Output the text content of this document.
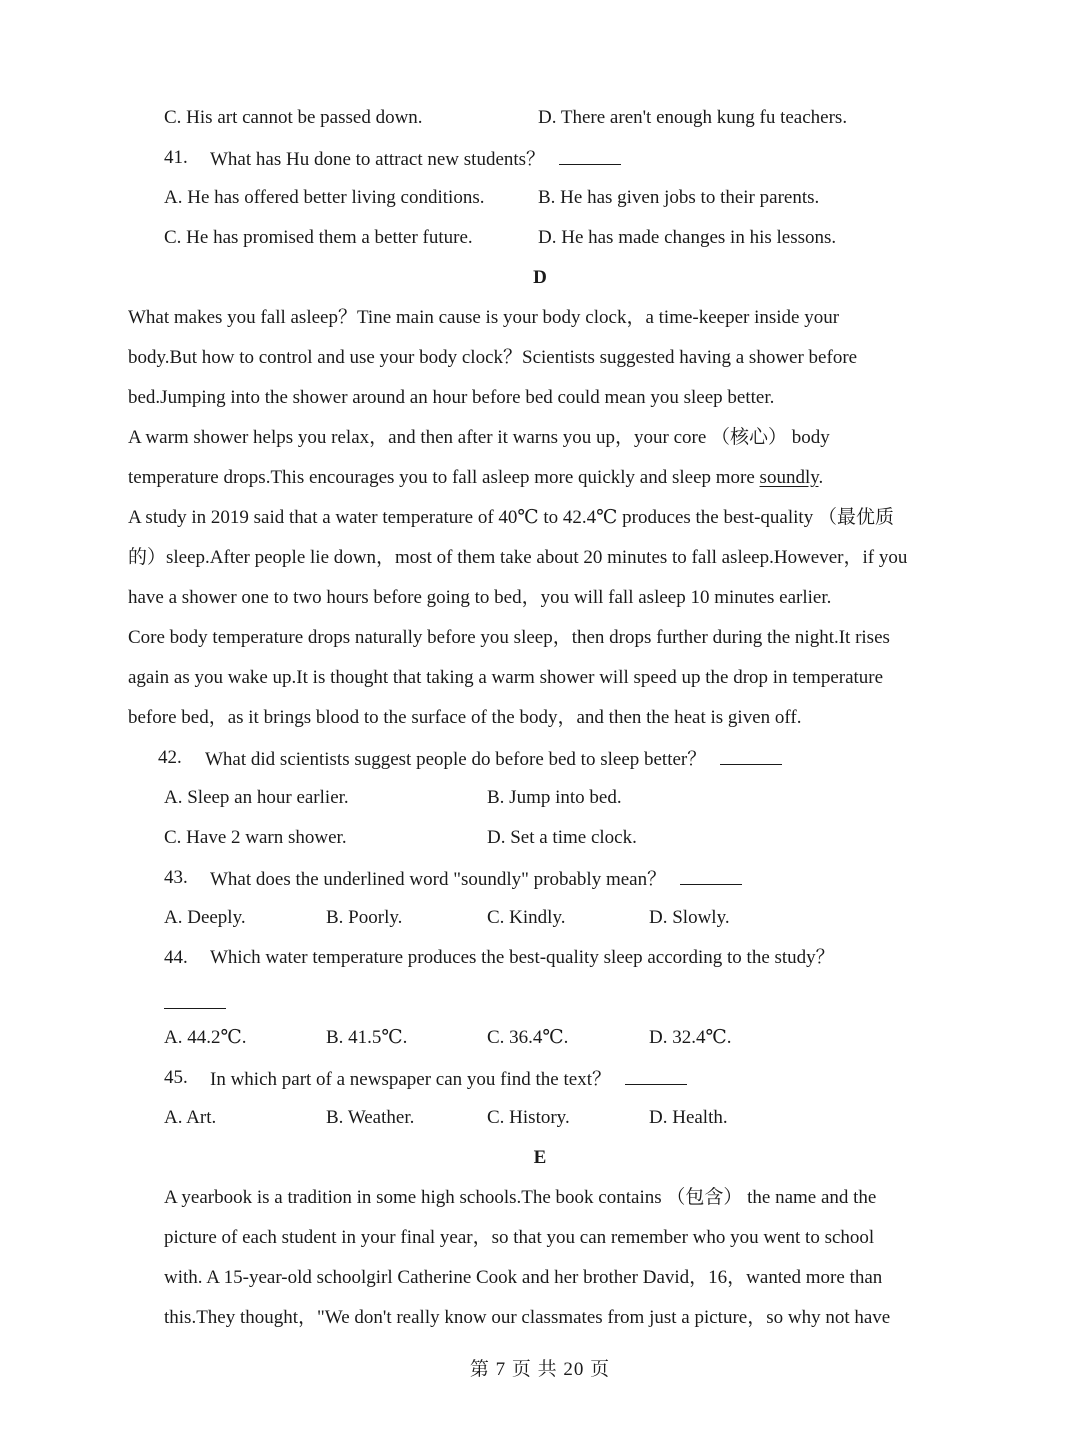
C. His art cannot be passed down.	D. There aren't enough kung fu teachers.
41. What has Hu done to attract new students？
A. He has offered better living conditions.	B. He has given jobs to their parents.
C. He has promised them a better future.	D. He has made changes in his lessons.
D
What makes you fall asleep？Tine main cause is your body clock，a time-keeper inside your
body.But how to control and use your body clock？Scientists suggested having a shower before
bed.Jumping into the shower around an hour before bed could mean you sleep better.
A warm shower helps you relax，and then after it warns you up，your core （核心） body
temperature drops.This encourages you to fall asleep more quickly and sleep more soundly.
A study in 2019 said that a water temperature of 40℃ to 42.4℃ produces the best-quality （最优质
的）sleep.After people lie down，most of them take about 20 minutes to fall asleep.However，if you
have a shower one to two hours before going to bed，you will fall asleep 10 minutes earlier.
Core body temperature drops naturally before you sleep，then drops further during the night.It rises
again as you wake up.It is thought that taking a warm shower will speed up the drop in temperature
before bed，as it brings blood to the surface of the body，and then the heat is given off.
42. What did scientists suggest people do before bed to sleep better？
A. Sleep an hour earlier.	B. Jump into bed.
C. Have 2 warn shower.	D. Set a time clock.
43. What does the underlined word "soundly" probably mean？
A. Deeply.	B. Poorly.	C. Kindly.	D. Slowly.
44. Which water temperature produces the best-quality sleep according to the study？
A. 44.2℃.	B. 41.5℃.	C. 36.4℃.	D. 32.4℃.
45. In which part of a newspaper can you find the text？
A. Art.	B. Weather.	C. History.	D. Health.
E
A yearbook is a tradition in some high schools.The book contains （包含） the name and the
picture of each student in your final year，so that you can remember who you went to school
with. A 15-year-old schoolgirl Catherine Cook and her brother David，16，wanted more than
this.They thought，"We don't really know our classmates from just a picture，so why not have
第 7 页 共 20 页
